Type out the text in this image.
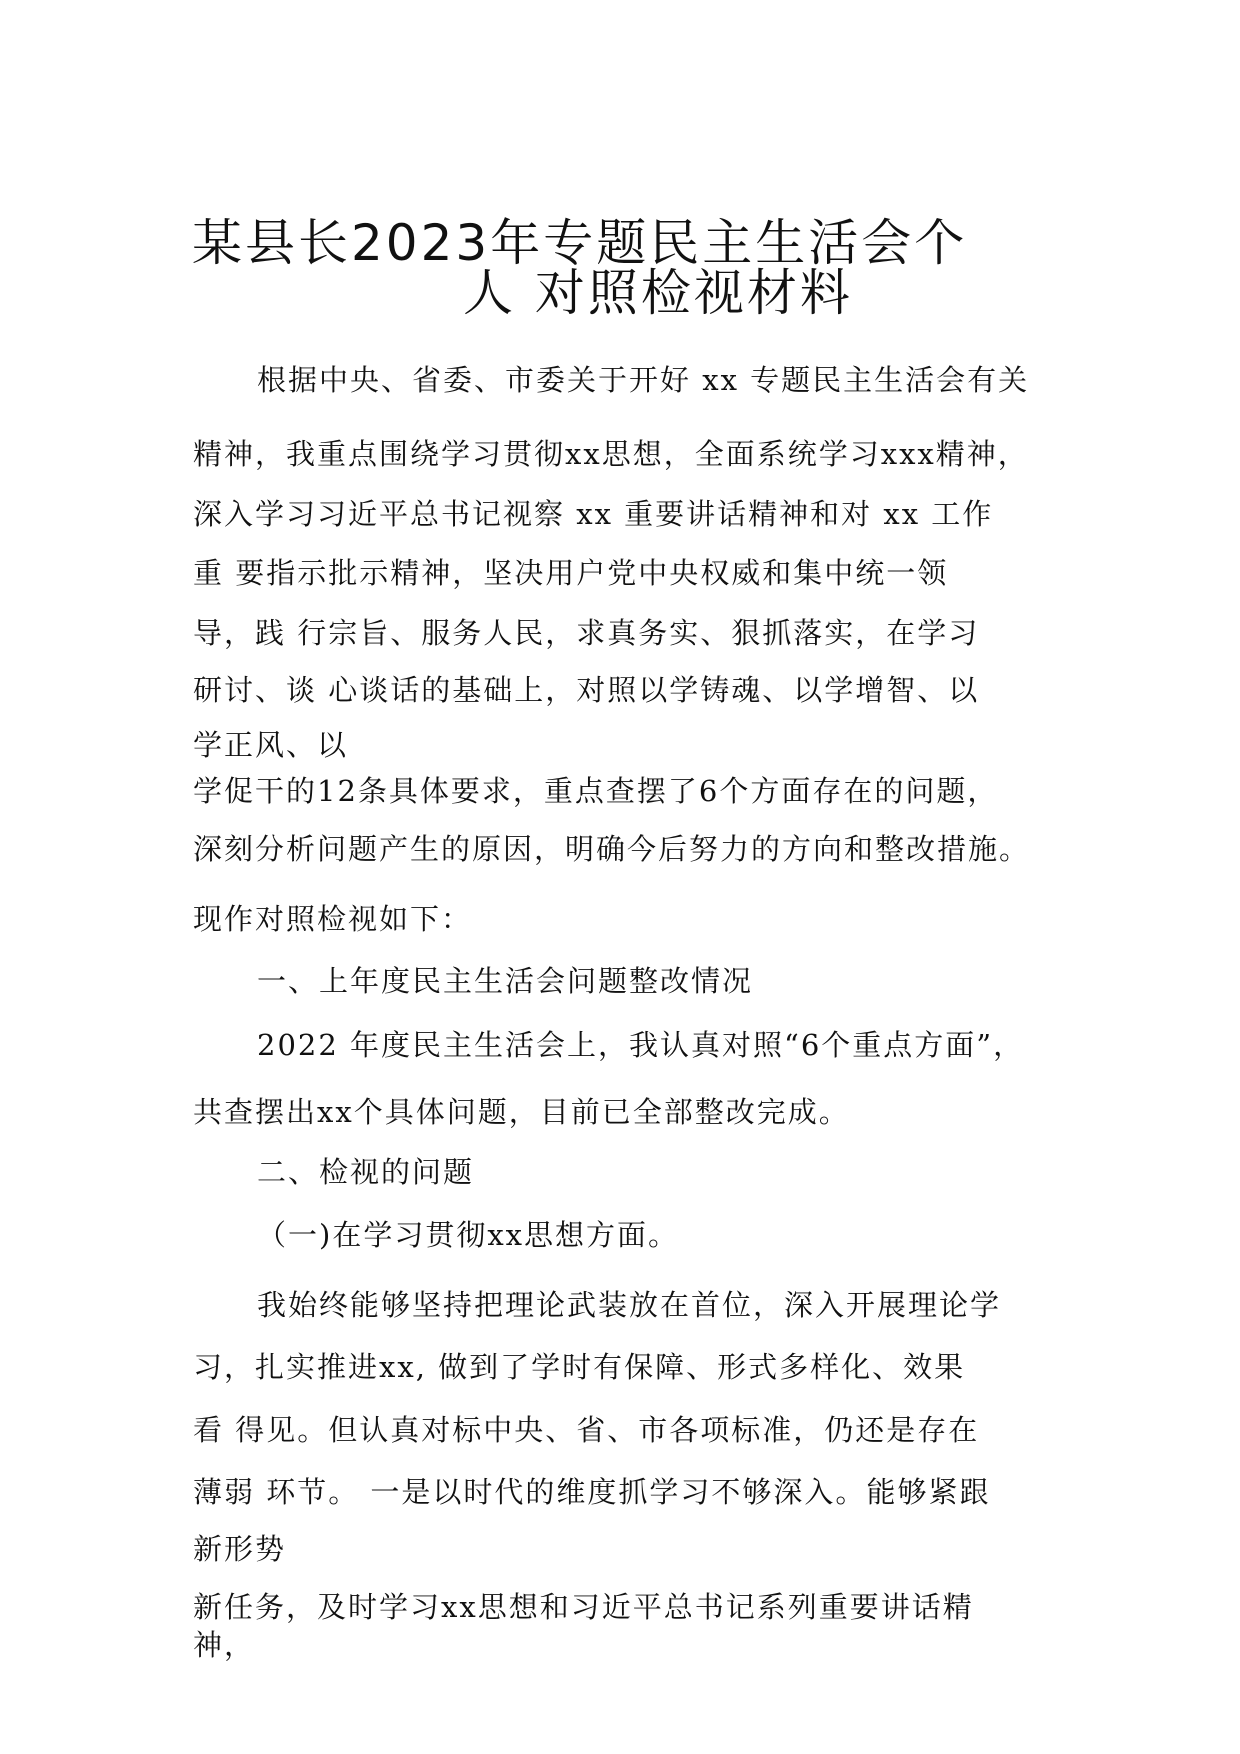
某县长2023年专题民主生活会个
人 对照检视材料
根据中央、省委、市委关于开好 xx 专题民主生活会有关
精神，我重点围绕学习贯彻xx思想，全面系统学习xxx精神，
深入学习习近平总书记视察 xx 重要讲话精神和对 xx 工作
重 要指示批示精神，坚决用户党中央权威和集中统一领
导，践 行宗旨、服务人民，求真务实、狠抓落实，在学习
研讨、谈 心谈话的基础上，对照以学铸魂、以学增智、以
学正风、以
学促干的12条具体要求，重点查摆了6个方面存在的问题，
深刻分析问题产生的原因，明确今后努力的方向和整改措施。
现作对照检视如下：
一、上年度民主生活会问题整改情况
2022 年度民主生活会上，我认真对照“6个重点方面”，
共查摆出xx个具体问题，目前已全部整改完成。
二、检视的问题
（一)在学习贯彻xx思想方面。
我始终能够坚持把理论武装放在首位，深入开展理论学
习，扎实推进xx, 做到了学时有保障、形式多样化、效果
看 得见。但认真对标中央、省、市各项标准，仍还是存在
薄弱 环节。 一是以时代的维度抓学习不够深入。能够紧跟
新形势
新任务，及时学习xx思想和习近平总书记系列重要讲话精
神，
